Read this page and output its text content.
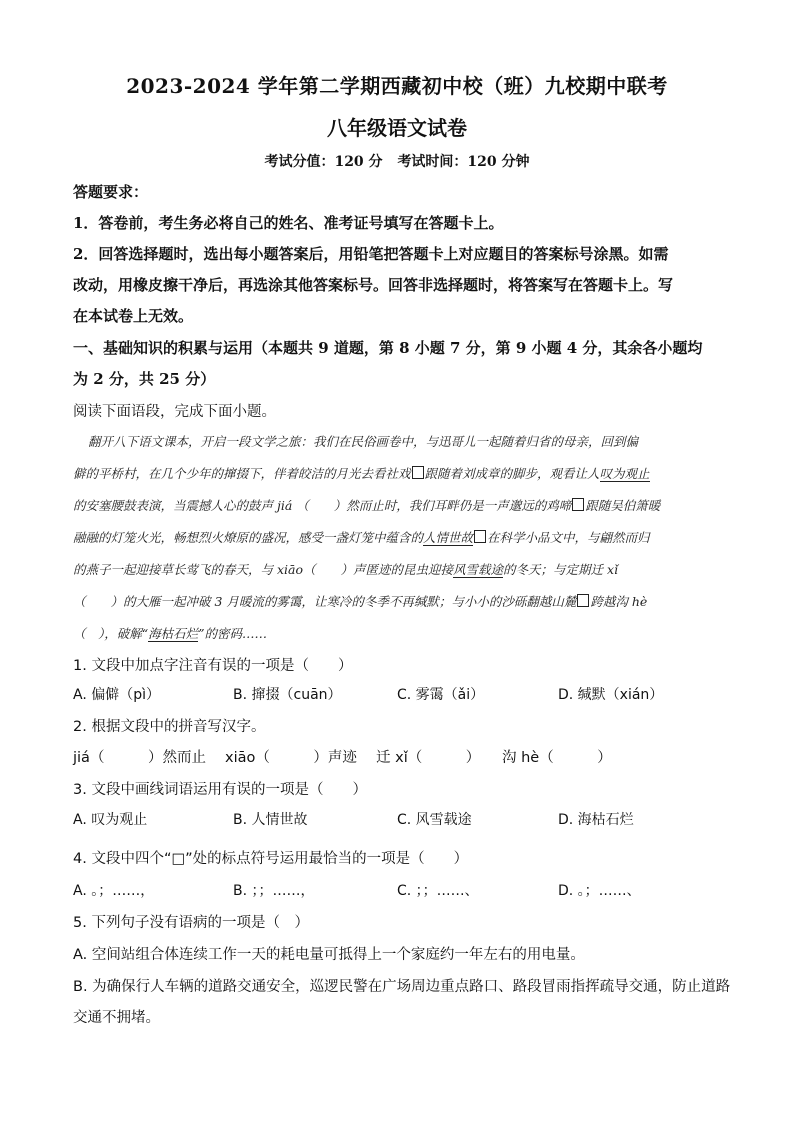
2023-2024 学年第二学期西藏初中校（班）九校期中联考
八年级语文试卷
考试分值：120 分 考试时间：120 分钟
答题要求：
1．答卷前，考生务必将自己的姓名、准考证号填写在答题卡上。
2．回答选择题时，选出每小题答案后，用铅笔把答题卡上对应题目的答案标号涂黑。如需
改动，用橡皮擦干净后，再选涂其他答案标号。回答非选择题时，将答案写在答题卡上。写
在本试卷上无效。
一、基础知识的积累与运用（本题共 9 道题，第 8 小题 7 分，第 9 小题 4 分，其余各小题均
为 2 分，共 25 分）
阅读下面语段，完成下面小题。
翻开八下语文课本，开启一段文学之旅：我们在民俗画卷中，与迅哥儿一起随着归省的母亲，回到偏
僻的平桥村，在几个少年的撺掇下，伴着皎洁的月光去看社戏 跟随着刘成章的脚步，观看让人叹为观止
的安塞腰鼓表演，当震撼人心的鼓声 jiá （　　）然而止时，我们耳畔仍是一声邈远的鸡啼 跟随吴伯箫暖
融融的灯笼火光，畅想烈火燎原的盛况，感受一盏灯笼中蕴含的人情世故 在科学小品文中，与翩然而归
的燕子一起迎接草长莺飞的春天，与 xiāo（　　）声匿迹的昆虫迎接风雪载途的冬天；与定期迁 xǐ
（　　）的大雁一起冲破 3 月暖流的雾霭，让寒冷的冬季不再缄默；与小小的沙砾翻越山麓 跨越沟 hè
（　），破解“海枯石烂”的密码……
1. 文段中加点字注音有误的一项是（　　）
A. 偏僻（pì）	B. 撺掇（cuān）	C. 雾霭（ǎi）	D. 缄默（xián）
2. 根据文段中的拼音写汉字。
jiá（　　　）然而止　 xiāo（　　　）声迹　 迁 xǐ（　　　）　　沟 hè（　　　）
3. 文段中画线词语运用有误的一项是（　　）
A. 叹为观止	B. 人情世故	C. 风雪载途	D. 海枯石烂
4. 文段中四个“□”处的标点符号运用最恰当的一项是（　　）
A. 。；……，	B. ；；……，	C. ；；……、	D. 。；……、
5. 下列句子没有语病的一项是（　）
A. 空间站组合体连续工作一天的耗电量可抵得上一个家庭约一年左右的用电量。
B. 为确保行人车辆的道路交通安全，巡逻民警在广场周边重点路口、路段冒雨指挥疏导交通，防止道路
交通不拥堵。
